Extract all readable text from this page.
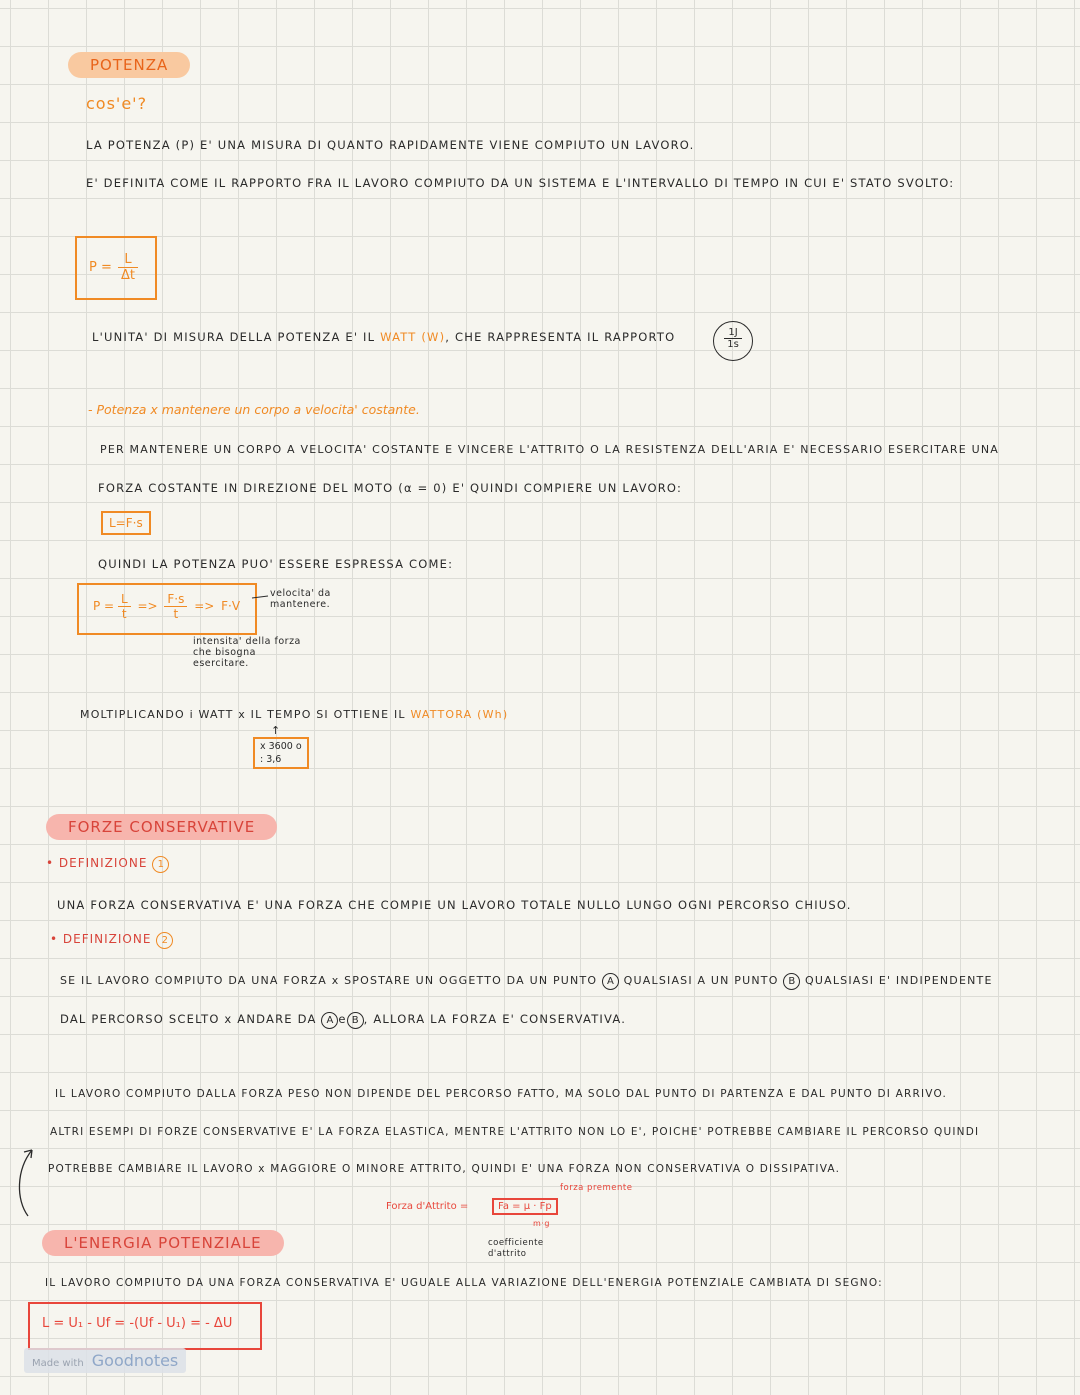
POTENZA
cos'e'?
LA POTENZA (P) E' UNA MISURA DI QUANTO RAPIDAMENTE VIENE COMPIUTO UN LAVORO.
E' DEFINITA COME IL RAPPORTO FRA IL LAVORO COMPIUTO DA UN SISTEMA E L'INTERVALLO DI TEMPO IN CUI E' STATO SVOLTO:
$P = \frac{L}{\Delta t}$
L'UNITA' DI MISURA DELLA POTENZA E' IL WATT (W), CHE RAPPRESENTA IL RAPPORTO	$\frac{1J}{1s}$
- Potenza x mantenere un corpo a velocita' costante.
PER MANTENERE UN CORPO A VELOCITA' COSTANTE E VINCERE L'ATTRITO O LA RESISTENZA DELL'ARIA E' NECESSARIO ESERCITARE UNA
FORZA COSTANTE IN DIREZIONE DEL MOTO (α = 0) E' QUINDI COMPIERE UN LAVORO:
L=F·s
QUINDI LA POTENZA PUO' ESSERE ESPRESSA COME:
$P = \frac{L}{t} => \frac{F\cdot s}{t} => F\cdot V$
velocita' da mantenere.
intensita' della forza che bisogna esercitare.
MOLTIPLICANDO i WATT x IL TEMPO SI OTTIENE IL WATTORA (Wh)
↑
x 3600 o
: 3,6
FORZE CONSERVATIVE
• DEFINIZIONE 1
UNA FORZA CONSERVATIVA E' UNA FORZA CHE COMPIE UN LAVORO TOTALE NULLO LUNGO OGNI PERCORSO CHIUSO.
• DEFINIZIONE 2
SE IL LAVORO COMPIUTO DA UNA FORZA x SPOSTARE UN OGGETTO DA UN PUNTO A QUALSIASI A UN PUNTO B QUALSIASI E' INDIPENDENTE
DAL PERCORSO SCELTO x ANDARE DA A e B , ALLORA LA FORZA E' CONSERVATIVA.
IL LAVORO COMPIUTO DALLA FORZA PESO NON DIPENDE DEL PERCORSO FATTO, MA SOLO DAL PUNTO DI PARTENZA E DAL PUNTO DI ARRIVO.
ALTRI ESEMPI DI FORZE CONSERVATIVE E' LA FORZA ELASTICA, MENTRE L'ATTRITO NON LO E', POICHE' POTREBBE CAMBIARE IL PERCORSO QUINDI
POTREBBE CAMBIARE IL LAVORO x MAGGIORE O MINORE ATTRITO, QUINDI E' UNA FORZA NON CONSERVATIVA O DISSIPATIVA.
Forza d'Attrito =	Fa = μ · Fp
forza premente
m·g
coefficiente d'attrito
L'ENERGIA POTENZIALE
IL LAVORO COMPIUTO DA UNA FORZA CONSERVATIVA E' UGUALE ALLA VARIAZIONE DELL'ENERGIA POTENZIALE CAMBIATA DI SEGNO:
L = U₁ - Uf = -(Uf - U₁) = - ΔU
Made with Goodnotes
